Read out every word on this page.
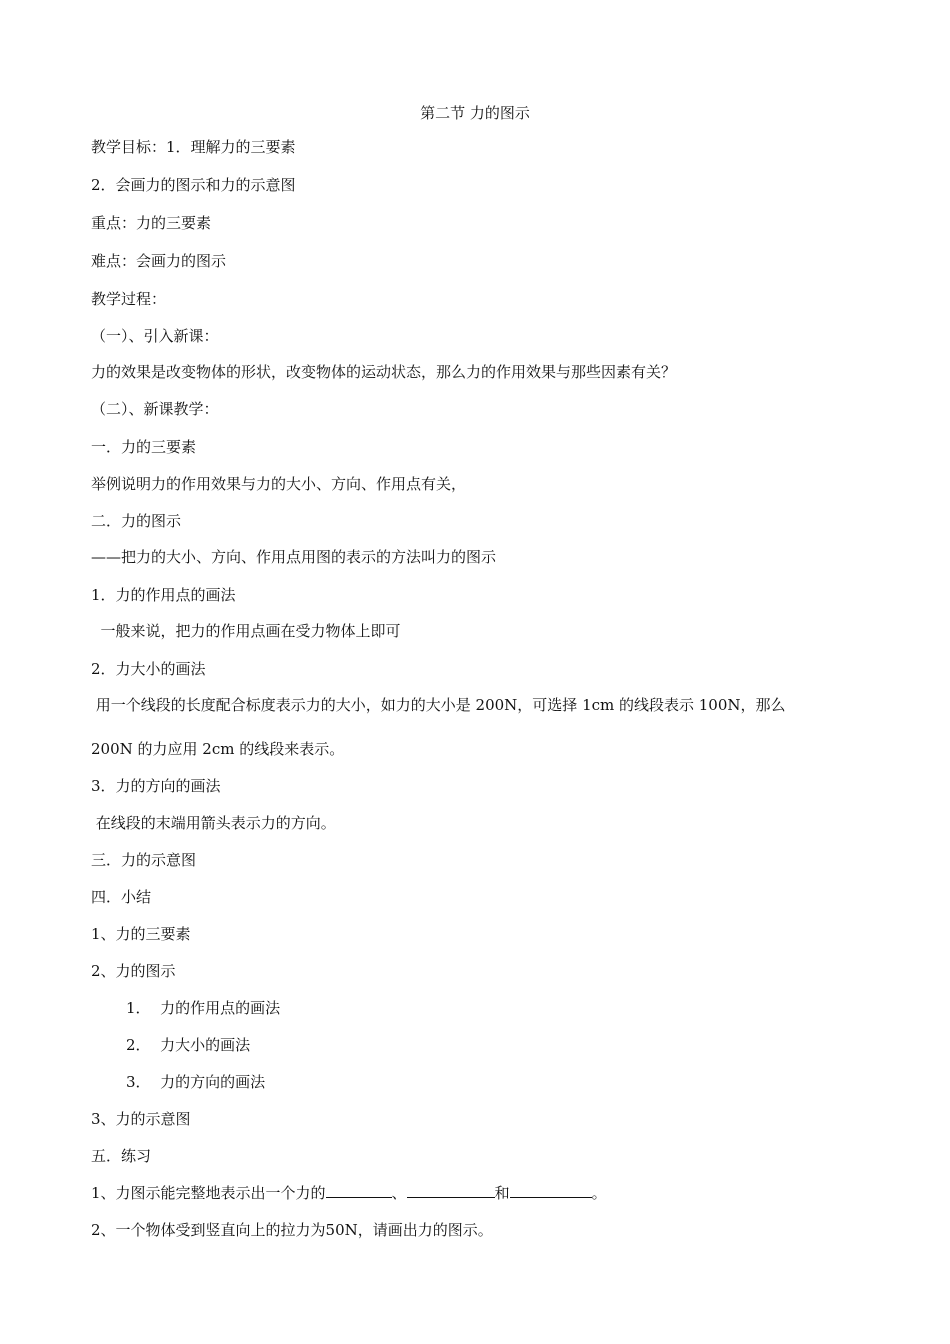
第二节 力的图示
教学目标：1．理解力的三要素
2．会画力的图示和力的示意图
重点：力的三要素
难点：会画力的图示
教学过程：
（一）、引入新课：
力的效果是改变物体的形状，改变物体的运动状态，那么力的作用效果与那些因素有关？
（二）、新课教学：
一．力的三要素
举例说明力的作用效果与力的大小、方向、作用点有关，
二．力的图示
——把力的大小、方向、作用点用图的表示的方法叫力的图示
1．力的作用点的画法
一般来说，把力的作用点画在受力物体上即可
2．力大小的画法
用一个线段的长度配合标度表示力的大小，如力的大小是 200N，可选择 1cm 的线段表示 100N，那么
200N 的力应用 2cm 的线段来表示。
3．力的方向的画法
在线段的末端用箭头表示力的方向。
三．力的示意图
四．小结
1、力的三要素
2、力的图示
1．  力的作用点的画法
2．  力大小的画法
3．  力的方向的画法
3、力的示意图
五．练习
1、力图示能完整地表示出一个力的	、	和	。
2、一个物体受到竖直向上的拉力为50N，请画出力的图示。
